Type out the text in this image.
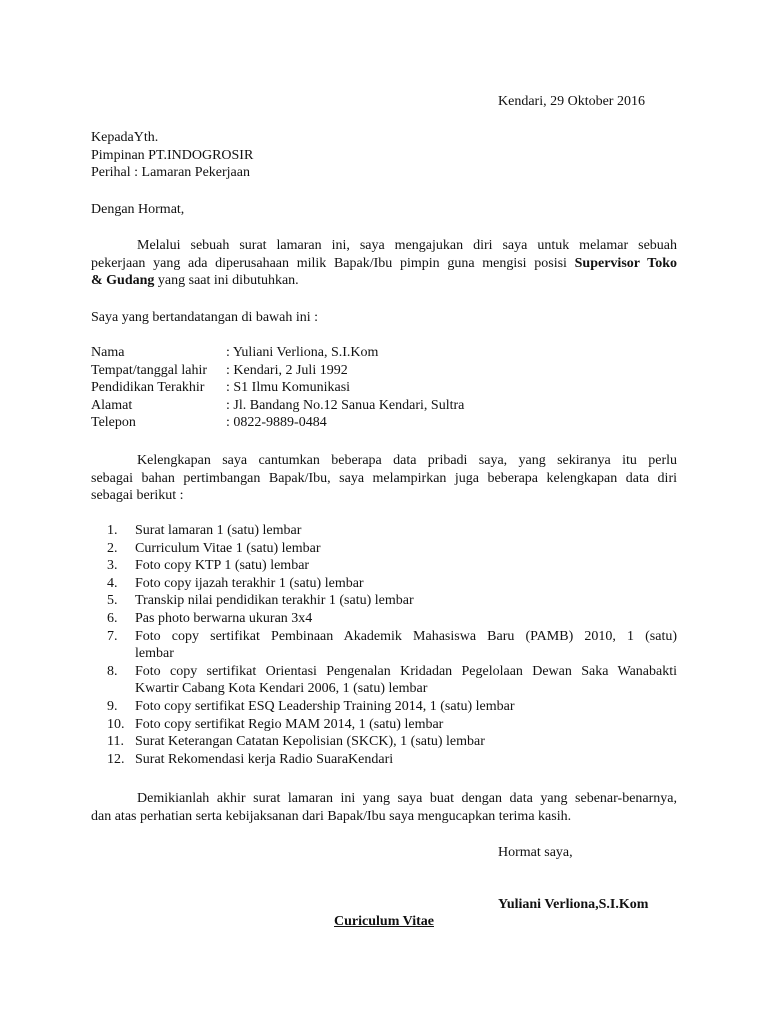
Kendari, 29 Oktober 2016
KepadaYth.
Pimpinan PT.INDOGROSIR
Perihal : Lamaran Pekerjaan
Dengan Hormat,
Melalui sebuah surat lamaran ini, saya mengajukan diri saya untuk melamar sebuah
pekerjaan yang ada diperusahaan milik Bapak/Ibu pimpin guna mengisi posisi Supervisor Toko
& Gudang yang saat ini dibutuhkan.
Saya yang bertandatangan di bawah ini :
Nama	: Yuliani Verliona, S.I.Kom
Tempat/tanggal lahir	: Kendari, 2 Juli 1992
Pendidikan Terakhir	: S1 Ilmu Komunikasi
Alamat	: Jl. Bandang No.12 Sanua Kendari, Sultra
Telepon	: 0822-9889-0484
Kelengkapan saya cantumkan beberapa data pribadi saya, yang sekiranya itu perlu
sebagai bahan pertimbangan Bapak/Ibu, saya melampirkan juga beberapa kelengkapan data diri
sebagai berikut :
1.	Surat lamaran 1 (satu) lembar
2.	Curriculum Vitae 1 (satu) lembar
3.	Foto copy KTP 1 (satu) lembar
4.	Foto copy ijazah terakhir 1 (satu) lembar
5.	Transkip nilai pendidikan terakhir 1 (satu) lembar
6.	Pas photo berwarna ukuran 3x4
7.	Foto copy sertifikat Pembinaan Akademik Mahasiswa Baru (PAMB) 2010, 1 (satu)
lembar
8.	Foto copy sertifikat Orientasi Pengenalan Kridadan Pegelolaan Dewan Saka Wanabakti
Kwartir Cabang Kota Kendari 2006, 1 (satu) lembar
9.	Foto copy sertifikat ESQ Leadership Training 2014, 1 (satu) lembar
10. Foto copy sertifikat Regio MAM 2014, 1 (satu) lembar
11. Surat Keterangan Catatan Kepolisian (SKCK), 1 (satu) lembar
12. Surat Rekomendasi kerja Radio SuaraKendari
Demikianlah akhir surat lamaran ini yang saya buat dengan data yang sebenar-benarnya,
dan atas perhatian serta kebijaksanan dari Bapak/Ibu saya mengucapkan terima kasih.
Hormat saya,
Yuliani Verliona,S.I.Kom
Curiculum Vitae
